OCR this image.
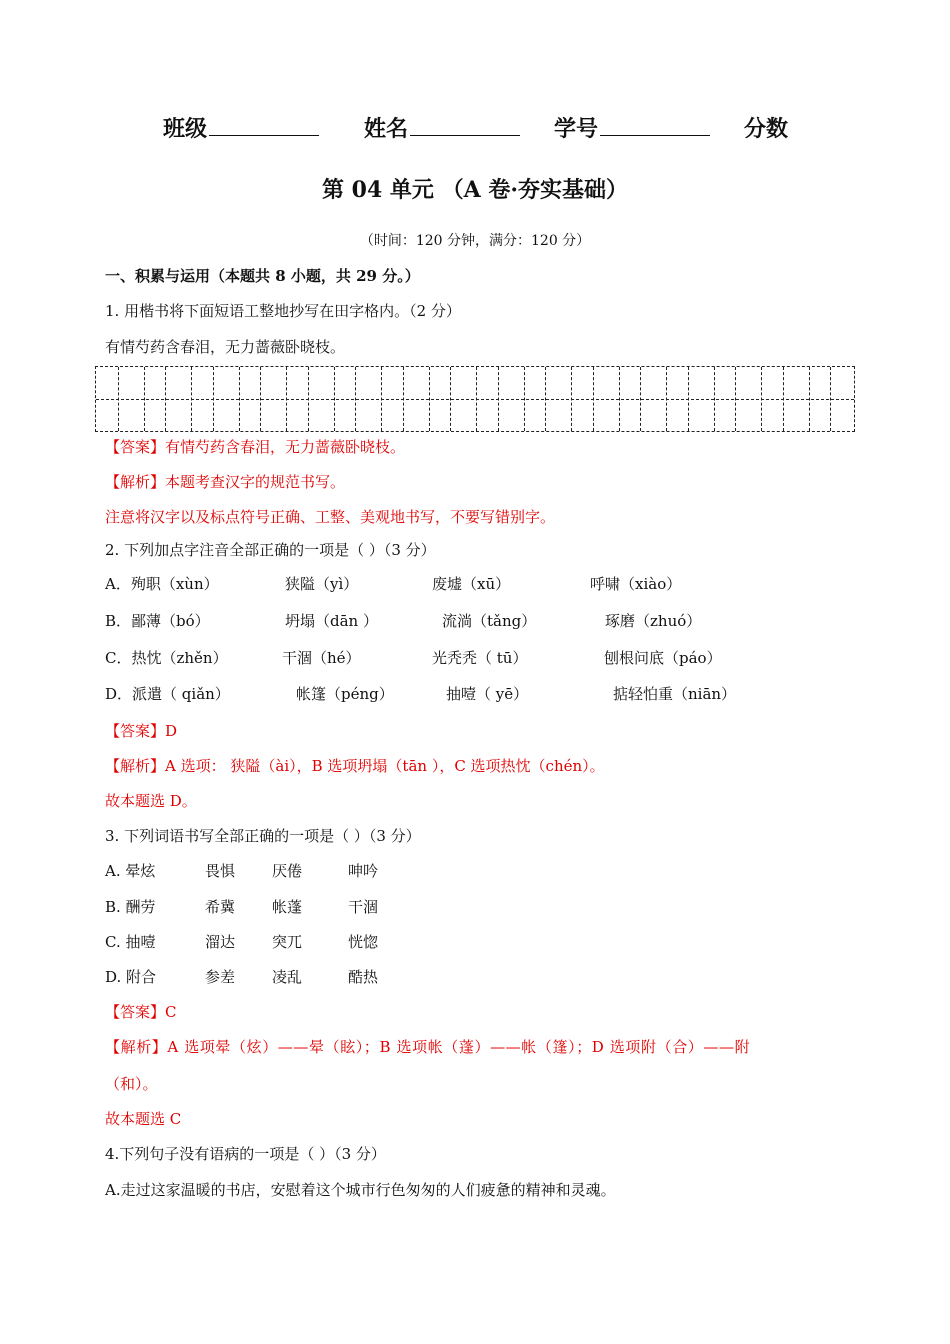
班级	姓名	学号	分数
第 04 单元 （A 卷·夯实基础）
（时间：120 分钟，满分：120 分）
一、积累与运用（本题共 8 小题，共 29 分。）
1. 用楷书将下面短语工整地抄写在田字格内。（2 分）
有情芍药含春泪，无力蔷薇卧晓枝。
【答案】有情芍药含春泪，无力蔷薇卧晓枝。
【解析】本题考查汉字的规范书写。
注意将汉字以及标点符号正确、工整、美观地书写，不要写错别字。
2. 下列加点字注音全部正确的一项是（ ）（3 分）
A．殉职（xùn）	狭隘（yì）	废墟（xū）	呼啸（xiào）
B．鄙薄（bó）	坍塌（dān ）	流淌（tǎng）	琢磨（zhuó）
C．热忱（zhěn）	干涸（hé）	光秃秃（ tū）	刨根问底（páo）
D．派遣（ qiǎn）	帐篷（péng）	抽噎（ yē）	掂轻怕重（niān）
【答案】D
【解析】A 选项： 狭隘（ài），B 选项坍塌（tān ），C 选项热忱（chén）。
故本题选 D。
3. 下列词语书写全部正确的一项是（ ）（3 分）
A. 晕炫	畏惧 厌倦	呻吟
B. 酬劳	希冀 帐蓬	干涸
C. 抽噎	溜达 突兀	恍惚
D. 附合	参差 凌乱	酷热
【答案】C
【解析】A 选项晕（炫）——晕（眩）；B 选项帐（蓬）——帐（篷）；D 选项附（合）——附
（和）。
故本题选 C
4.下列句子没有语病的一项是（ ）（3 分）
A.走过这家温暖的书店，安慰着这个城市行色匆匆的人们疲惫的精神和灵魂。
